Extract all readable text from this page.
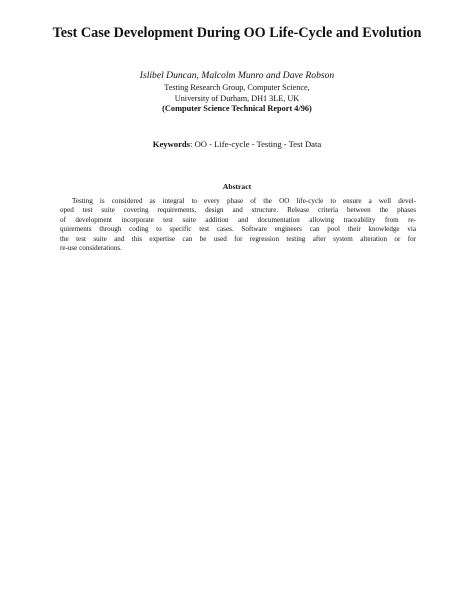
Test Case Development During OO Life-Cycle and Evolution
Islibel Duncan, Malcolm Munro and Dave Robson
Testing Research Group, Computer Science,
University of Durham, DH1 3LE, UK
(Computer Science Technical Report 4/96)
Keywords: OO - Life-cycle - Testing - Test Data
Abstract
Testing is considered as integral to every phase of the OO life-cycle to ensure a well devel-
oped test suite covering requirements, design and structure. Release criteria between the phases
of development incorporate test suite addition and documentation allowing traceability from re-
quirements through coding to specific test cases. Software engineers can pool their knowledge via
the test suite and this expertise can be used for regression testing after system alteration or for
re-use considerations.
